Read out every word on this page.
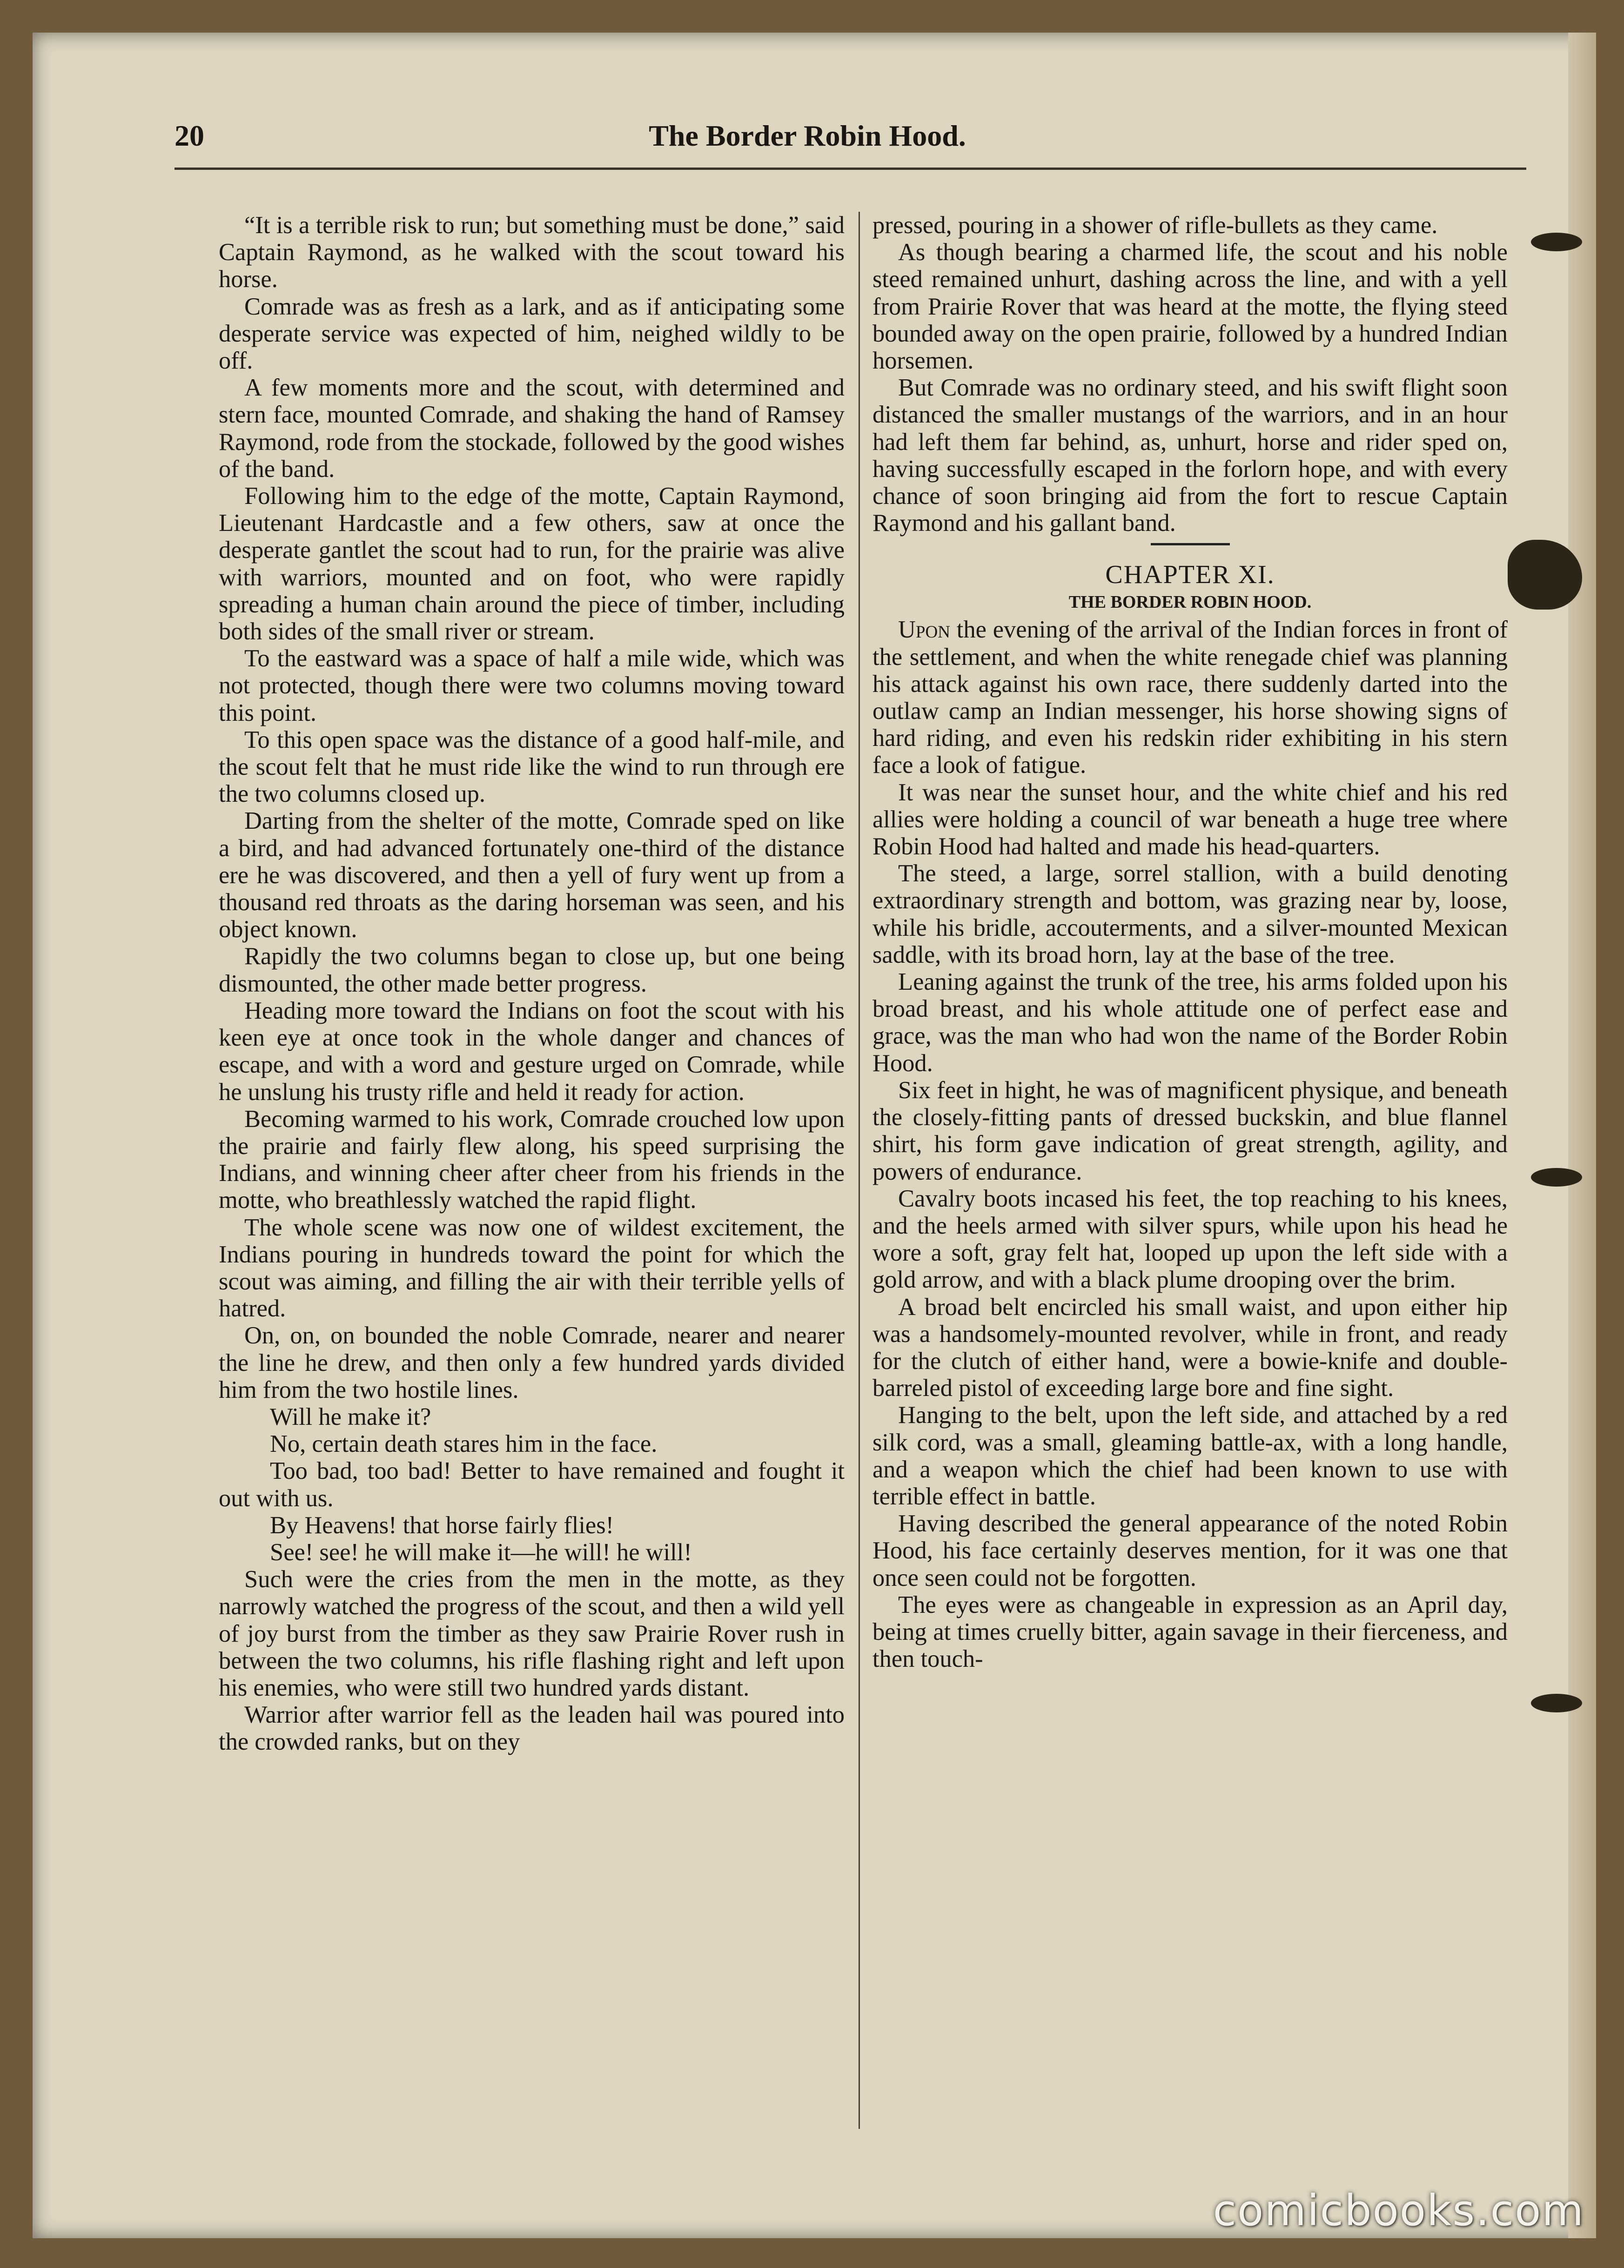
20	The Border Robin Hood.

“It is a terrible risk to run; but something must be done,” said Captain Raymond, as he walked with the scout toward his horse.

Comrade was as fresh as a lark, and as if anticipating some desperate service was expected of him, neighed wildly to be off.

A few moments more and the scout, with determined and stern face, mounted Comrade, and shaking the hand of Ramsey Raymond, rode from the stockade, followed by the good wishes of the band.

Following him to the edge of the motte, Captain Raymond, Lieutenant Hardcastle and a few others, saw at once the desperate gantlet the scout had to run, for the prairie was alive with warriors, mounted and on foot, who were rapidly spreading a human chain around the piece of timber, including both sides of the small river or stream.

To the eastward was a space of half a mile wide, which was not protected, though there were two columns moving toward this point.

To this open space was the distance of a good half-mile, and the scout felt that he must ride like the wind to run through ere the two columns closed up.

Darting from the shelter of the motte, Comrade sped on like a bird, and had advanced fortunately one-third of the distance ere he was discovered, and then a yell of fury went up from a thousand red throats as the daring horseman was seen, and his object known.

Rapidly the two columns began to close up, but one being dismounted, the other made better progress.

Heading more toward the Indians on foot the scout with his keen eye at once took in the whole danger and chances of escape, and with a word and gesture urged on Comrade, while he unslung his trusty rifle and held it ready for action.

Becoming warmed to his work, Comrade crouched low upon the prairie and fairly flew along, his speed surprising the Indians, and winning cheer after cheer from his friends in the motte, who breathlessly watched the rapid flight.

The whole scene was now one of wildest excitement, the Indians pouring in hundreds toward the point for which the scout was aiming, and filling the air with their terrible yells of hatred.

On, on, on bounded the noble Comrade, nearer and nearer the line he drew, and then only a few hundred yards divided him from the two hostile lines.

Will he make it?

No, certain death stares him in the face.

Too bad, too bad! Better to have remained and fought it out with us.

By Heavens! that horse fairly flies!

See! see! he will make it—he will! he will!

Such were the cries from the men in the motte, as they narrowly watched the progress of the scout, and then a wild yell of joy burst from the timber as they saw Prairie Rover rush in between the two columns, his rifle flashing right and left upon his enemies, who were still two hundred yards distant.

Warrior after warrior fell as the leaden hail was poured into the crowded ranks, but on they

pressed, pouring in a shower of rifle-bullets as they came.

As though bearing a charmed life, the scout and his noble steed remained unhurt, dashing across the line, and with a yell from Prairie Rover that was heard at the motte, the flying steed bounded away on the open prairie, followed by a hundred Indian horsemen.

But Comrade was no ordinary steed, and his swift flight soon distanced the smaller mustangs of the warriors, and in an hour had left them far behind, as, unhurt, horse and rider sped on, having successfully escaped in the forlorn hope, and with every chance of soon bringing aid from the fort to rescue Captain Raymond and his gallant band.

CHAPTER XI.

THE BORDER ROBIN HOOD.

Upon the evening of the arrival of the Indian forces in front of the settlement, and when the white renegade chief was planning his attack against his own race, there suddenly darted into the outlaw camp an Indian messenger, his horse showing signs of hard riding, and even his redskin rider exhibiting in his stern face a look of fatigue.

It was near the sunset hour, and the white chief and his red allies were holding a council of war beneath a huge tree where Robin Hood had halted and made his head-quarters.

The steed, a large, sorrel stallion, with a build denoting extraordinary strength and bottom, was grazing near by, loose, while his bridle, accouterments, and a silver-mounted Mexican saddle, with its broad horn, lay at the base of the tree.

Leaning against the trunk of the tree, his arms folded upon his broad breast, and his whole attitude one of perfect ease and grace, was the man who had won the name of the Border Robin Hood.

Six feet in hight, he was of magnificent physique, and beneath the closely-fitting pants of dressed buckskin, and blue flannel shirt, his form gave indication of great strength, agility, and powers of endurance.

Cavalry boots incased his feet, the top reaching to his knees, and the heels armed with silver spurs, while upon his head he wore a soft, gray felt hat, looped up upon the left side with a gold arrow, and with a black plume drooping over the brim.

A broad belt encircled his small waist, and upon either hip was a handsomely-mounted revolver, while in front, and ready for the clutch of either hand, were a bowie-knife and double-barreled pistol of exceeding large bore and fine sight.

Hanging to the belt, upon the left side, and attached by a red silk cord, was a small, gleaming battle-ax, with a long handle, and a weapon which the chief had been known to use with terrible effect in battle.

Having described the general appearance of the noted Robin Hood, his face certainly deserves mention, for it was one that once seen could not be forgotten.

The eyes were as changeable in expression as an April day, being at times cruelly bitter, again savage in their fierceness, and then touch-

comicbooks.com
